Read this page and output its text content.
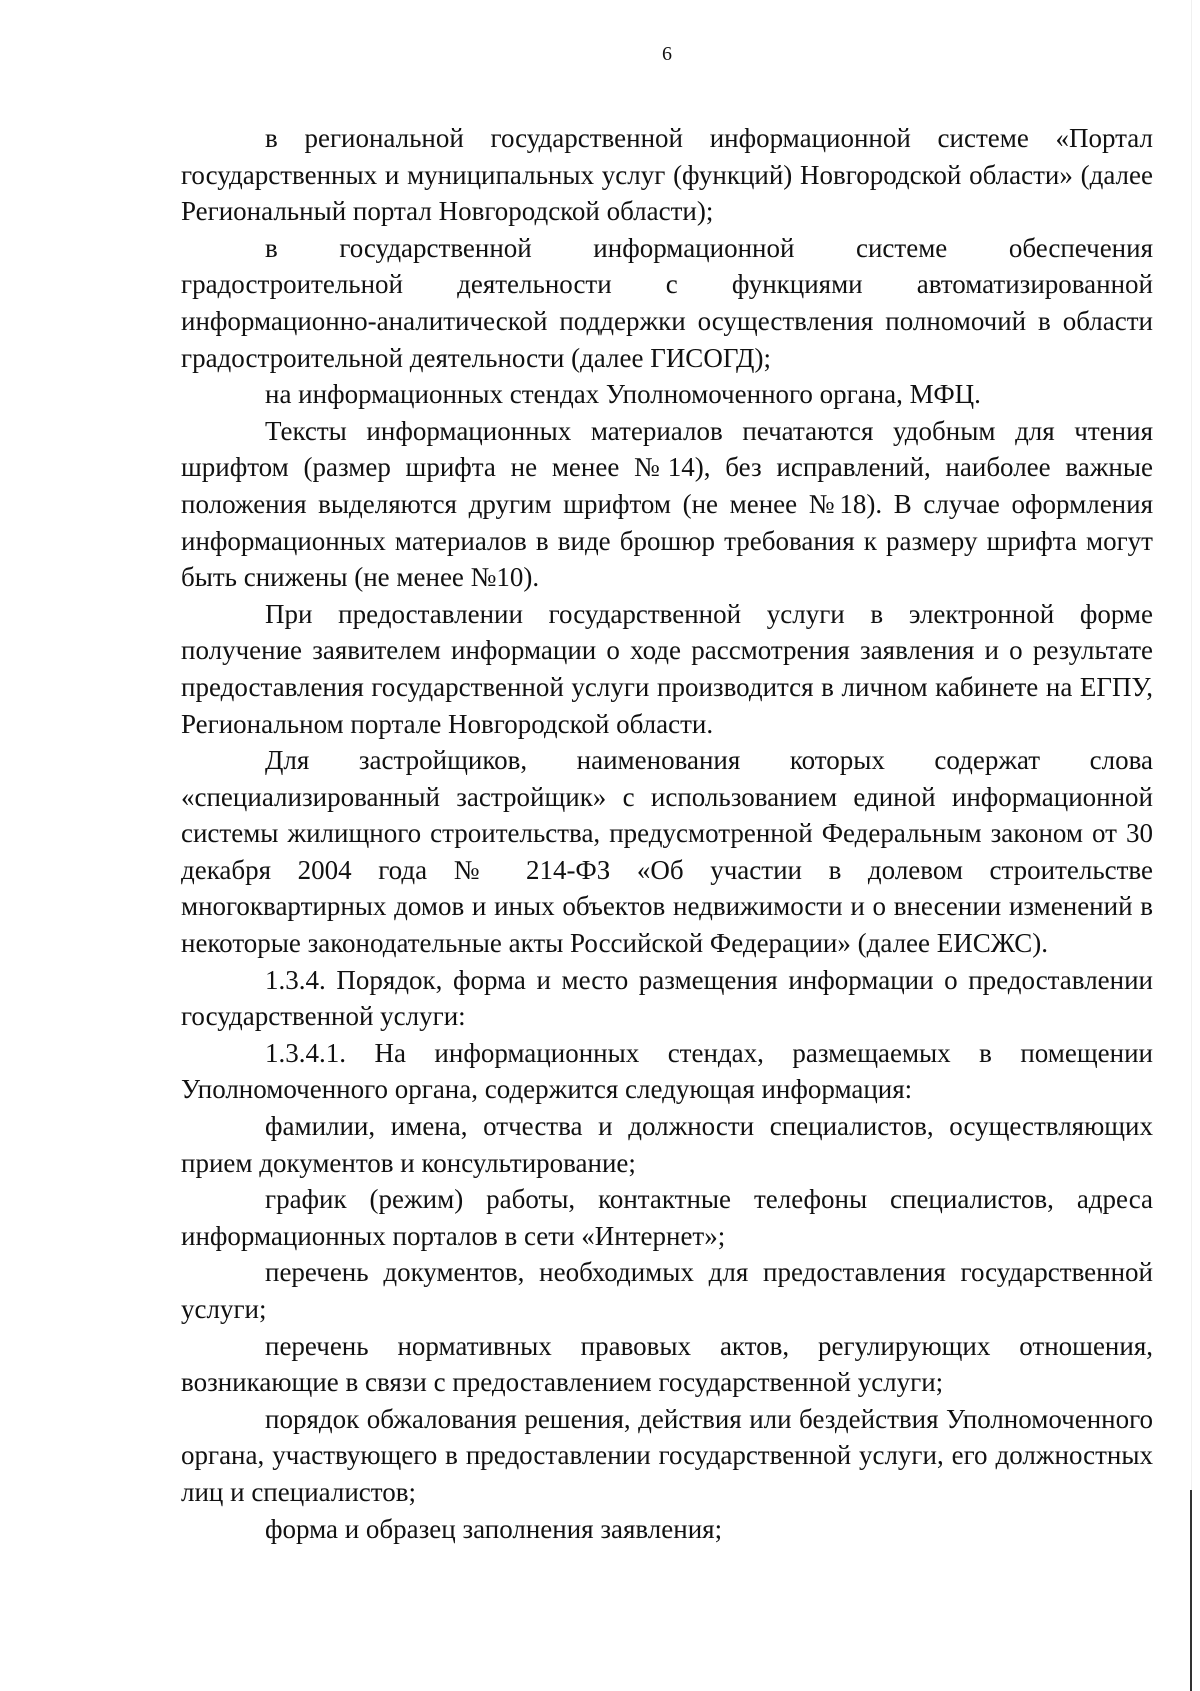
6

в региональной государственной информационной системе «Портал государственных и муниципальных услуг (функций) Новгородской области» (далее Региональный портал Новгородской области);

в государственной информационной системе обеспечения градостроительной деятельности с функциями автоматизированной информационно-аналитической поддержки осуществления полномочий в области градостроительной деятельности (далее ГИСОГД);

на информационных стендах Уполномоченного органа, МФЦ.

Тексты информационных материалов печатаются удобным для чтения шрифтом (размер шрифта не менее №14), без исправлений, наиболее важные положения выделяются другим шрифтом (не менее №18). В случае оформления информационных материалов в виде брошюр требования к размеру шрифта могут быть снижены (не менее №10).

При предоставлении государственной услуги в электронной форме получение заявителем информации о ходе рассмотрения заявления и о результате предоставления государственной услуги производится в личном кабинете на ЕГПУ, Региональном портале Новгородской области.

Для застройщиков, наименования которых содержат слова «специализированный застройщик» с использованием единой информационной системы жилищного строительства, предусмотренной Федеральным законом от 30 декабря 2004 года № 214-ФЗ «Об участии в долевом строительстве многоквартирных домов и иных объектов недвижимости и о внесении изменений в некоторые законодательные акты Российской Федерации» (далее ЕИСЖС).

1.3.4. Порядок, форма и место размещения информации о предоставлении государственной услуги:

1.3.4.1. На информационных стендах, размещаемых в помещении Уполномоченного органа, содержится следующая информация:

фамилии, имена, отчества и должности специалистов, осуществляющих прием документов и консультирование;

график (режим) работы, контактные телефоны специалистов, адреса информационных порталов в сети «Интернет»;

перечень документов, необходимых для предоставления государственной услуги;

перечень нормативных правовых актов, регулирующих отношения, возникающие в связи с предоставлением государственной услуги;

порядок обжалования решения, действия или бездействия Уполномоченного органа, участвующего в предоставлении государственной услуги, его должностных лиц и специалистов;

форма и образец заполнения заявления;
